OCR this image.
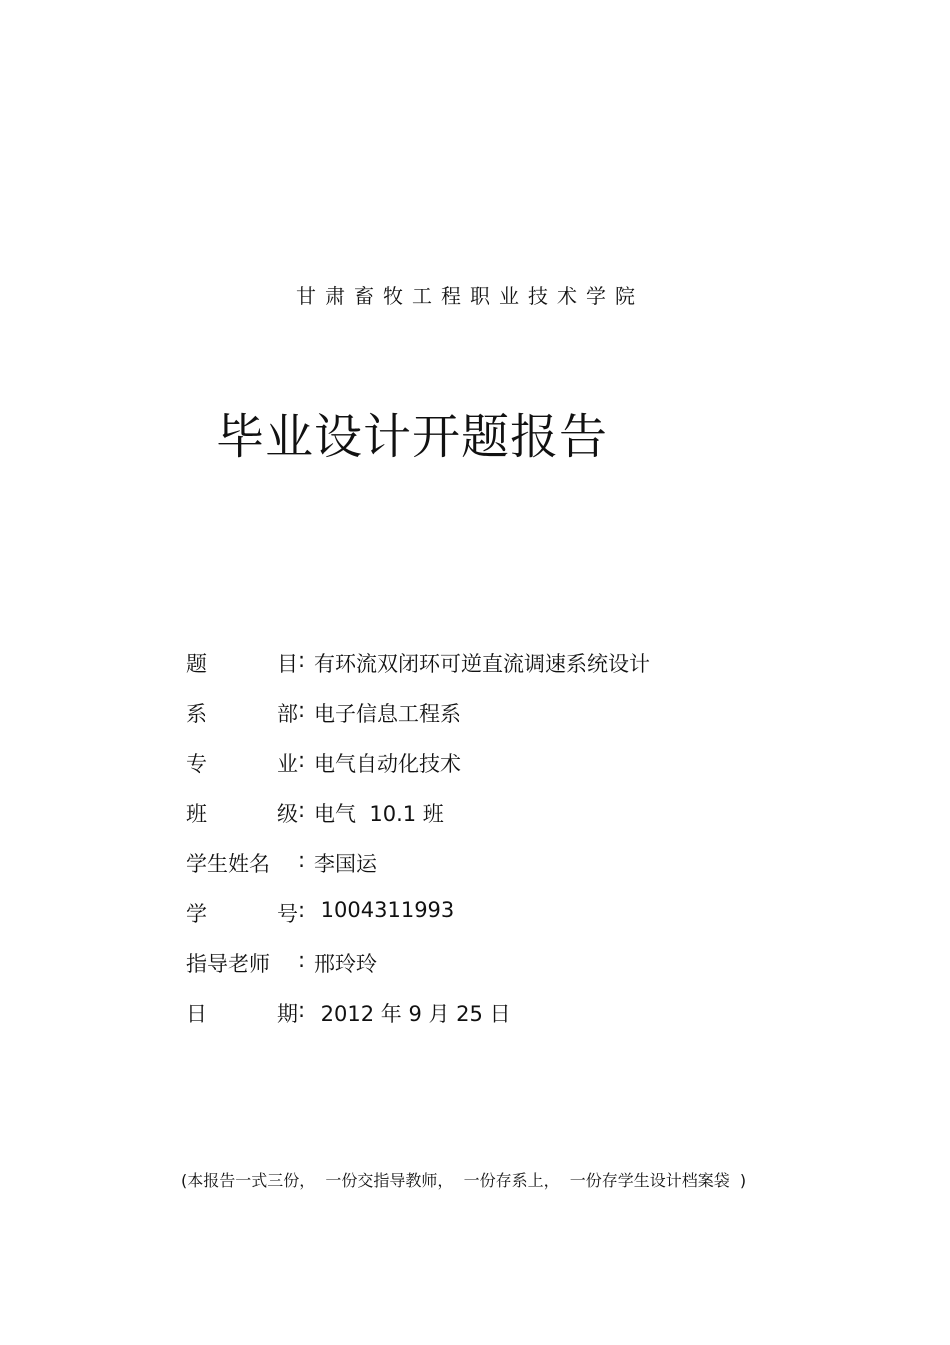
甘肃畜牧工程职业技术学院
毕业设计开题报告
题	目 : 有环流双闭环可逆直流调速系统设计
系	部 : 电子信息工程系
专	业 : 电气自动化技术
班	级 : 电气  10.1 班
学生姓名 : 李国运
学	号 : 1004311993
指导老师 : 邢玲玲
日	期 : 2012 年 9 月 25 日
(本报告一式三份，  一份交指导教师，  一份存系上，  一份存学生设计档案袋  )
